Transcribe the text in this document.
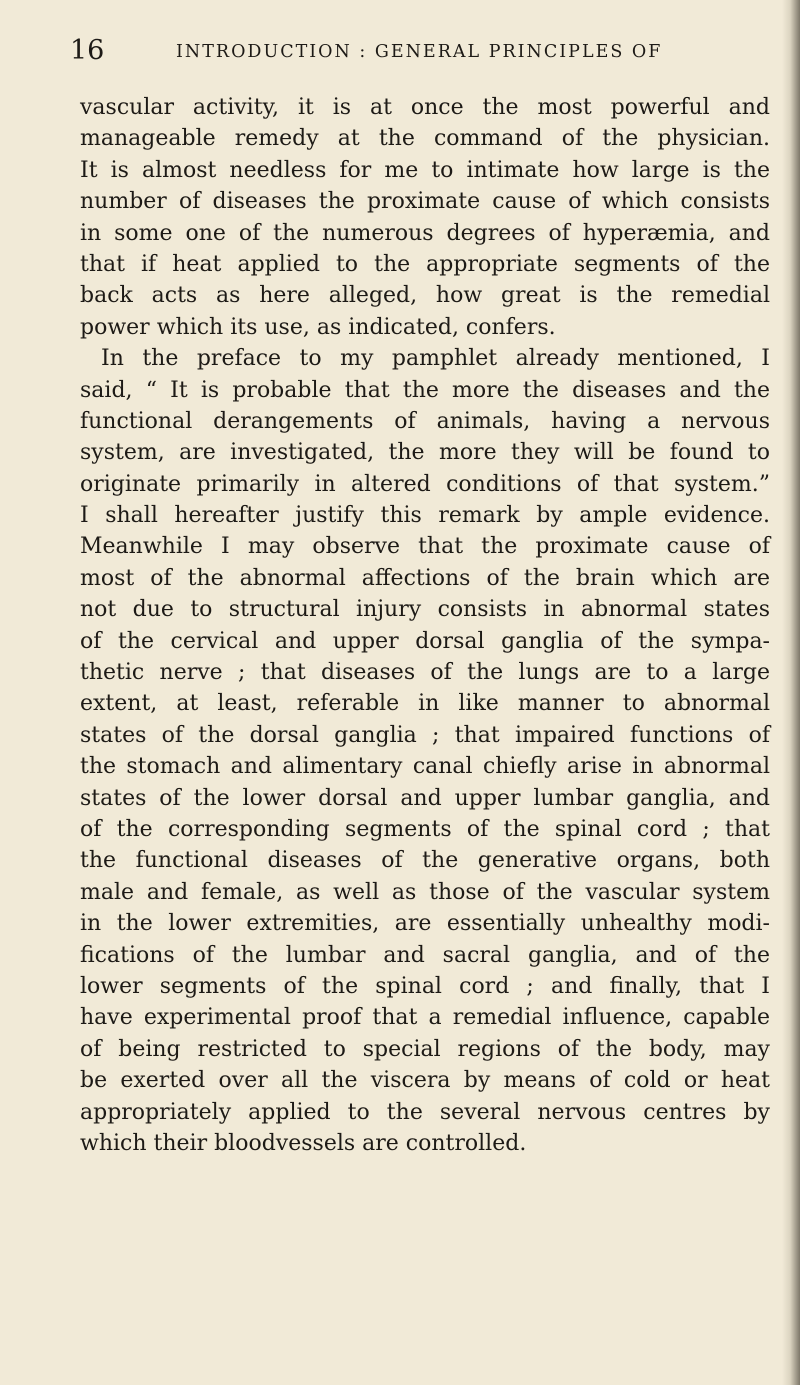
16	INTRODUCTION : GENERAL PRINCIPLES OF
vascular activity, it is at once the most powerful and
manageable remedy at the command of the physician.
It is almost needless for me to intimate how large is the
number of diseases the proximate cause of which consists
in some one of the numerous degrees of hyperæmia, and
that if heat applied to the appropriate segments of the
back acts as here alleged, how great is the remedial
power which its use, as indicated, confers.
In the preface to my pamphlet already mentioned, I
said, “ It is probable that the more the diseases and the
functional derangements of animals, having a nervous
system, are investigated, the more they will be found to
originate primarily in altered conditions of that system.”
I shall hereafter justify this remark by ample evidence.
Meanwhile I may observe that the proximate cause of
most of the abnormal affections of the brain which are
not due to structural injury consists in abnormal states
of the cervical and upper dorsal ganglia of the sympa-
thetic nerve ; that diseases of the lungs are to a large
extent, at least, referable in like manner to abnormal
states of the dorsal ganglia ; that impaired functions of
the stomach and alimentary canal chiefly arise in abnormal
states of the lower dorsal and upper lumbar ganglia, and
of the corresponding segments of the spinal cord ; that
the functional diseases of the generative organs, both
male and female, as well as those of the vascular system
in the lower extremities, are essentially unhealthy modi-
fications of the lumbar and sacral ganglia, and of the
lower segments of the spinal cord ; and finally, that I
have experimental proof that a remedial influence, capable
of being restricted to special regions of the body, may
be exerted over all the viscera by means of cold or heat
appropriately applied to the several nervous centres by
which their bloodvessels are controlled.
